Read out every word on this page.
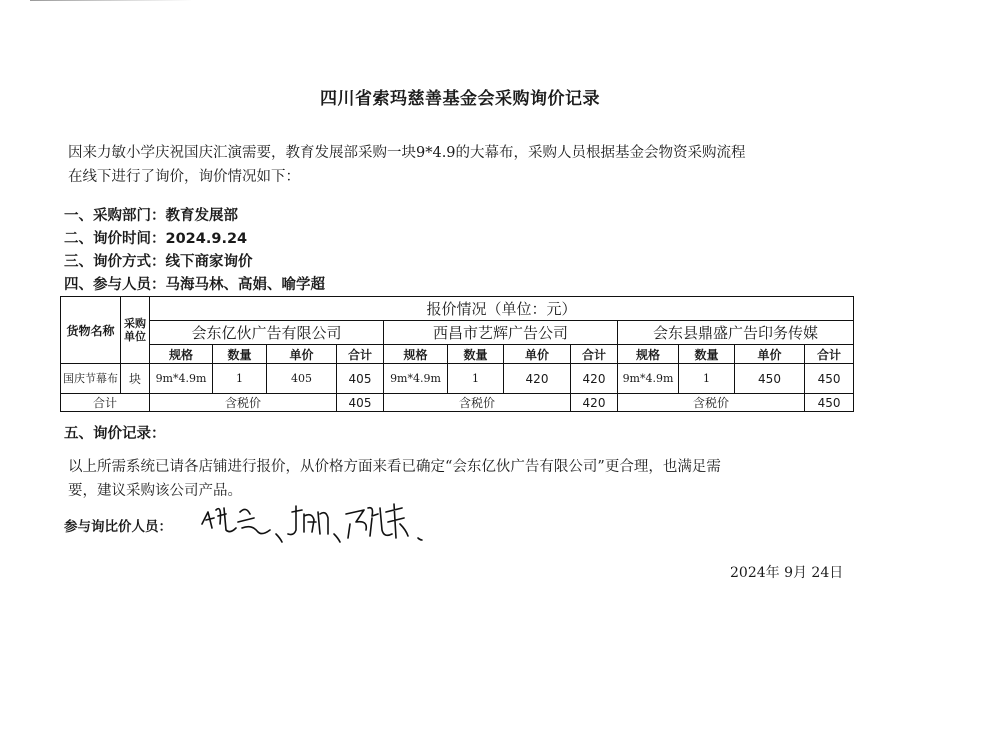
四川省索玛慈善基金会采购询价记录
因来力敏小学庆祝国庆汇演需要，教育发展部采购一块9*4.9的大幕布，采购人员根据基金会物资采购流程
在线下进行了询价，询价情况如下：
一、采购部门：教育发展部
二、询价时间：2024.9.24
三、询价方式：线下商家询价
四、参与人员：马海马林、高娟、喻学超
货物名称	采购单位	报价情况（单位：元）											
		会东亿伙广告有限公司				西昌市艺辉广告公司				会东县鼎盛广告印务传媒			
		规格	数量	单价	合计	规格	数量	单价	合计	规格	数量	单价	合计
国庆节幕布	块	9m*4.9m	1	405	405	9m*4.9m	1	420	420	9m*4.9m	1	450	450
合计		含税价			405	含税价			420	含税价			450
五、询价记录：
以上所需系统已请各店铺进行报价，从价格方面来看已确定“会东亿伙广告有限公司”更合理，也满足需
要，建议采购该公司产品。
参与询比价人员：
2024年 9月 24日
